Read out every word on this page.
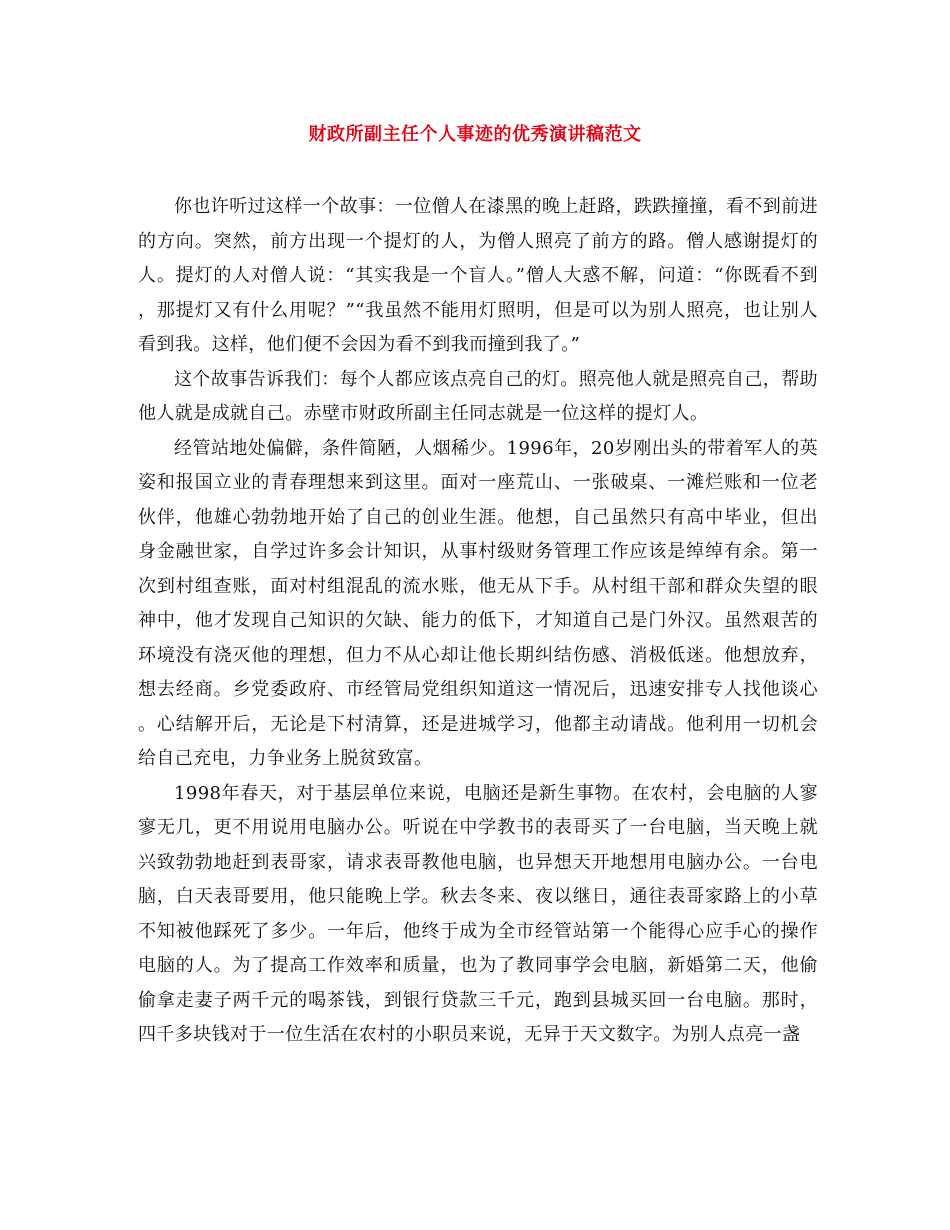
财政所副主任个人事迹的优秀演讲稿范文

你也许听过这样一个故事：一位僧人在漆黑的晚上赶路，跌跌撞撞，看不到前进的方向。突然，前方出现一个提灯的人，为僧人照亮了前方的路。僧人感谢提灯的人。提灯的人对僧人说：“其实我是一个盲人。”僧人大惑不解，问道：“你既看不到，那提灯又有什么用呢？”“我虽然不能用灯照明，但是可以为别人照亮，也让别人看到我。这样，他们便不会因为看不到我而撞到我了。”

这个故事告诉我们：每个人都应该点亮自己的灯。照亮他人就是照亮自己，帮助他人就是成就自己。赤壁市财政所副主任同志就是一位这样的提灯人。

经管站地处偏僻，条件简陋，人烟稀少。1996年，20岁刚出头的带着军人的英姿和报国立业的青春理想来到这里。面对一座荒山、一张破桌、一滩烂账和一位老伙伴，他雄心勃勃地开始了自己的创业生涯。他想，自己虽然只有高中毕业，但出身金融世家，自学过许多会计知识，从事村级财务管理工作应该是绰绰有余。第一次到村组查账，面对村组混乱的流水账，他无从下手。从村组干部和群众失望的眼神中，他才发现自己知识的欠缺、能力的低下，才知道自己是门外汉。虽然艰苦的环境没有浇灭他的理想，但力不从心却让他长期纠结伤感、消极低迷。他想放弃，想去经商。乡党委政府、市经管局党组织知道这一情况后，迅速安排专人找他谈心。心结解开后，无论是下村清算，还是进城学习，他都主动请战。他利用一切机会给自己充电，力争业务上脱贫致富。

1998年春天，对于基层单位来说，电脑还是新生事物。在农村，会电脑的人寥寥无几，更不用说用电脑办公。听说在中学教书的表哥买了一台电脑，当天晚上就兴致勃勃地赶到表哥家，请求表哥教他电脑，也异想天开地想用电脑办公。一台电脑，白天表哥要用，他只能晚上学。秋去冬来、夜以继日，通往表哥家路上的小草不知被他踩死了多少。一年后，他终于成为全市经管站第一个能得心应手心的操作电脑的人。为了提高工作效率和质量，也为了教同事学会电脑，新婚第二天，他偷偷拿走妻子两千元的喝茶钱，到银行贷款三千元，跑到县城买回一台电脑。那时，四千多块钱对于一位生活在农村的小职员来说，无异于天文数字。为别人点亮一盏
